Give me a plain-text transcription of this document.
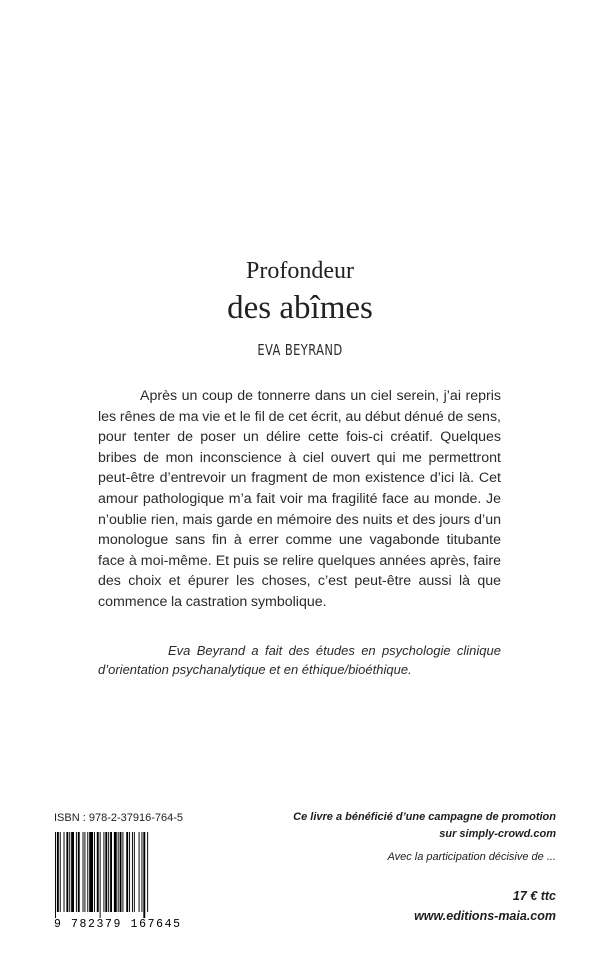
Profondeur
des abîmes
EVA BEYRAND

Après un coup de tonnerre dans un ciel serein, j’ai repris les rênes de ma vie et le fil de cet écrit, au début dénué de sens, pour tenter de poser un délire cette fois-ci créatif. Quelques bribes de mon inconscience à ciel ouvert qui me permettront peut-être d’entrevoir un fragment de mon existence d’ici là. Cet amour pathologique m’a fait voir ma fragilité face au monde. Je n’oublie rien, mais garde en mémoire des nuits et des jours d’un monologue sans fin à errer comme une vagabonde titubante face à moi-même. Et puis se relire quelques années après, faire des choix et épurer les choses, c’est peut-être aussi là que commence la castration symbolique.

Eva Beyrand a fait des études en psychologie clinique d’orientation psychanalytique et en éthique/bioéthique.

ISBN : 978-2-37916-764-5
9 782379 167645
Ce livre a bénéficié d’une campagne de promotion
sur simply-crowd.com
Avec la participation décisive de ...
17 € ttc
www.editions-maia.com
